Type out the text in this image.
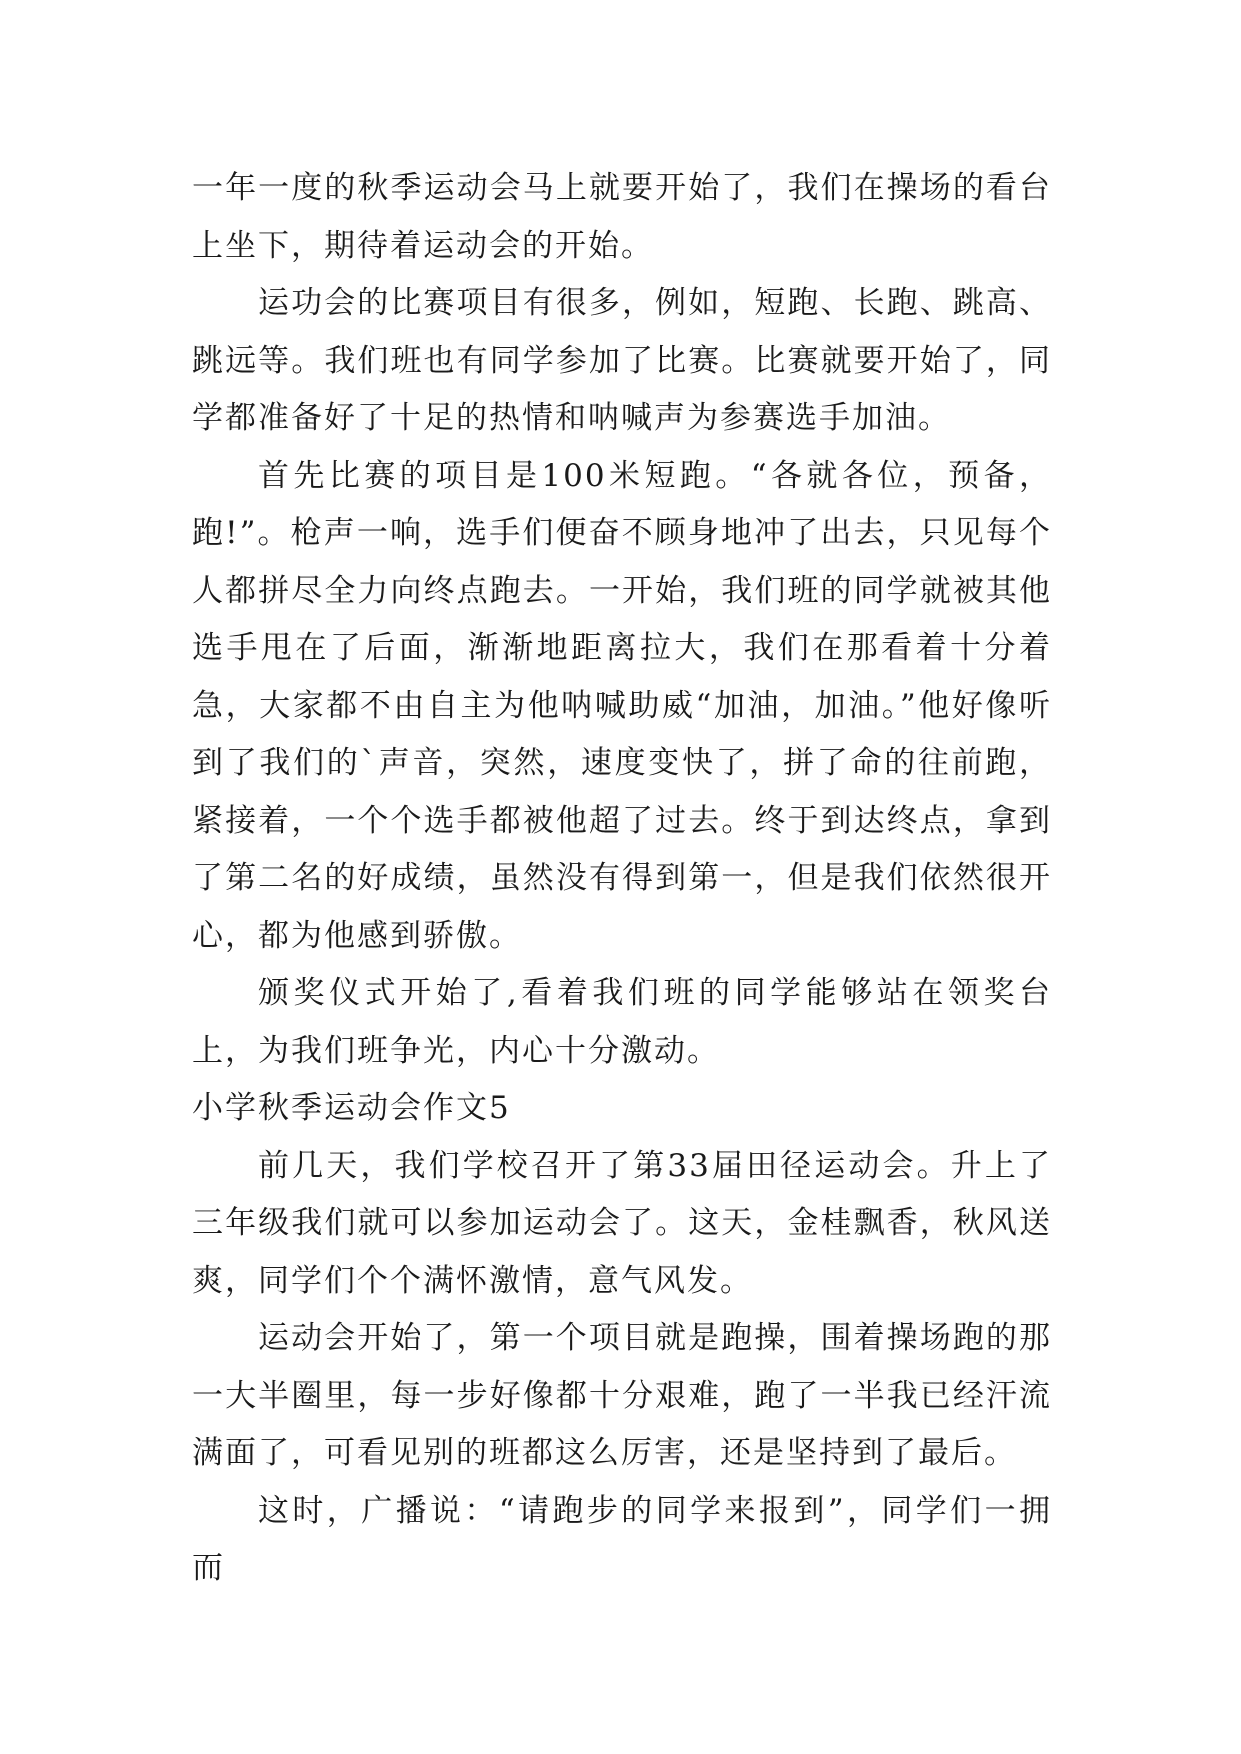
一年一度的秋季运动会马上就要开始了，我们在操场的看台上坐下，期待着运动会的开始。

运功会的比赛项目有很多，例如，短跑、长跑、跳高、跳远等。我们班也有同学参加了比赛。比赛就要开始了，同学都准备好了十足的热情和呐喊声为参赛选手加油。

首先比赛的项目是100米短跑。“各就各位，预备，跑!”。枪声一响，选手们便奋不顾身地冲了出去，只见每个人都拼尽全力向终点跑去。一开始，我们班的同学就被其他选手甩在了后面，渐渐地距离拉大，我们在那看着十分着急，大家都不由自主为他呐喊助威“加油，加油。”他好像听到了我们的`声音，突然，速度变快了，拼了命的往前跑，紧接着，一个个选手都被他超了过去。终于到达终点，拿到了第二名的好成绩，虽然没有得到第一，但是我们依然很开心，都为他感到骄傲。

颁奖仪式开始了,看着我们班的同学能够站在领奖台上，为我们班争光，内心十分激动。

小学秋季运动会作文5

前几天，我们学校召开了第33届田径运动会。升上了三年级我们就可以参加运动会了。这天，金桂飘香，秋风送爽，同学们个个满怀激情，意气风发。

运动会开始了，第一个项目就是跑操，围着操场跑的那一大半圈里，每一步好像都十分艰难，跑了一半我已经汗流满面了，可看见别的班都这么厉害，还是坚持到了最后。

这时，广播说：“请跑步的同学来报到”，同学们一拥而
